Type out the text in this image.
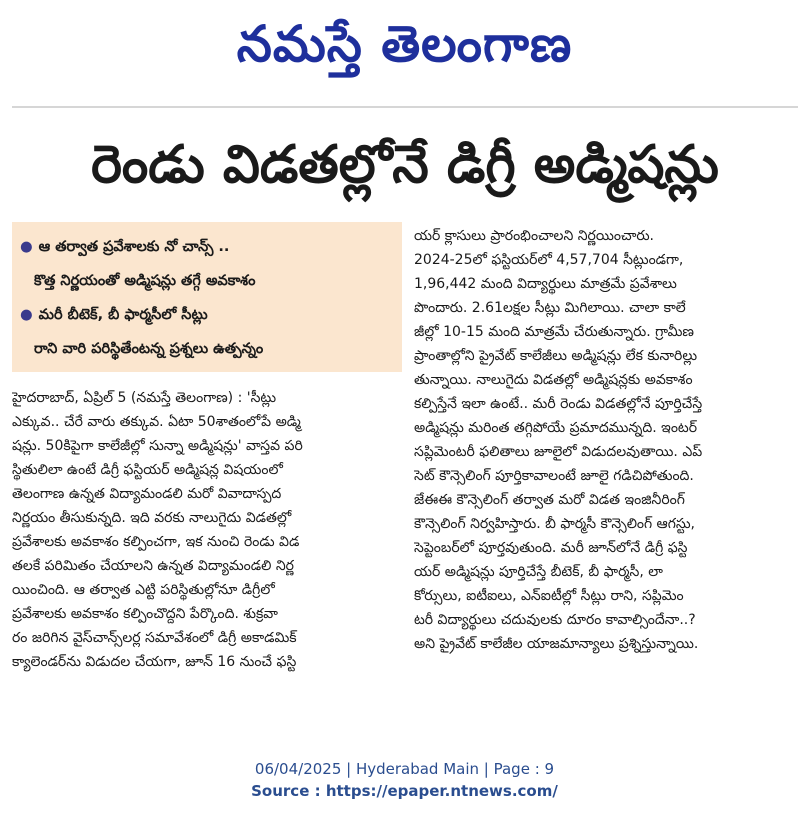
నమస్తే తెలంగాణ
రెండు విడతల్లోనే డిగ్రీ అడ్మిషన్లు
● ఆ తర్వాత ప్రవేశాలకు నో చాన్స్ ..
కొత్త నిర్ణయంతో అడ్మిషన్లు తగ్గే అవకాశం
● మరీ బీటెక్, బీ ఫార్మసీలో సీట్లు
రాని వారి పరిస్థితేంటన్న ప్రశ్నలు ఉత్పన్నం
హైదరాబాద్, ఏప్రిల్ 5 (నమస్తే తెలంగాణ) : 'సీట్లు
ఎక్కువ.. చేరే వారు తక్కువ. ఏటా 50శాతంలోపే అడ్మి
షన్లు. 50కిపైగా కాలేజీల్లో సున్నా అడ్మిషన్లు' వాస్తవ పరి
స్థితులిలా ఉంటే డిగ్రీ ఫస్టియర్ అడ్మిషన్ల విషయంలో
తెలంగాణ ఉన్నత విద్యామండలి మరో వివాదాస్పద
నిర్ణయం తీసుకున్నది. ఇది వరకు నాలుగైదు విడతల్లో
ప్రవేశాలకు అవకాశం కల్పించగా, ఇక నుంచి రెండు విడ
తలకే పరిమితం చేయాలని ఉన్నత విద్యామండలి నిర్ణ
యించింది. ఆ తర్వాత ఎట్టి పరిస్థితుల్లోనూ డిగ్రీలో
ప్రవేశాలకు అవకాశం కల్పించొద్దని పేర్కొంది. శుక్రవా
రం జరిగిన వైస్‌చాన్స్‌లర్ల సమావేశంలో డిగ్రీ అకాడమిక్
క్యాలెండర్‌ను విడుదల చేయగా, జూన్ 16 నుంచే ఫస్టి
యర్ క్లాసులు ప్రారంభించాలని నిర్ణయించారు.
2024-25లో ఫస్టియర్‌లో 4,57,704 సీట్లుండగా,
1,96,442 మంది విద్యార్థులు మాత్రమే ప్రవేశాలు
పొందారు. 2.61లక్షల సీట్లు మిగిలాయి. చాలా కాలే
జీల్లో 10-15 మంది మాత్రమే చేరుతున్నారు. గ్రామీణ
ప్రాంతాల్లోని ప్రైవేట్ కాలేజీలు అడ్మిషన్లు లేక కునారిల్లు
తున్నాయి. నాలుగైదు విడతల్లో అడ్మిషన్లకు అవకాశం
కల్పిస్తేనే ఇలా ఉంటే.. మరీ రెండు విడతల్లోనే పూర్తిచేస్తే
అడ్మిషన్లు మరింత తగ్గిపోయే ప్రమాదమున్నది. ఇంటర్
సప్లిమెంటరీ ఫలితాలు జూలైలో విడుదలవుతాయి. ఎప్
సెట్ కౌన్సెలింగ్ పూర్తికావాలంటే జూలై గడిచిపోతుంది.
జేఈఈ కౌన్సెలింగ్ తర్వాత మరో విడత ఇంజినీరింగ్
కౌన్సెలింగ్ నిర్వహిస్తారు. బీ ఫార్మసీ కౌన్సెలింగ్ ఆగస్టు,
సెప్టెంబర్‌లో పూర్తవుతుంది. మరీ జూన్‌లోనే డిగ్రీ ఫస్టి
యర్ అడ్మిషన్లు పూర్తిచేస్తే బీటెక్, బీ ఫార్మసీ, లా
కోర్సులు, ఐటీఐలు, ఎన్‌ఐటీల్లో సీట్లు రాని, సప్లిమెం
టరీ విద్యార్థులు చదువులకు దూరం కావాల్సిందేనా..?
అని ప్రైవేట్ కాలేజీల యాజమాన్యాలు ప్రశ్నిస్తున్నాయి.
06/04/2025 | Hyderabad Main | Page : 9
Source : https://epaper.ntnews.com/
